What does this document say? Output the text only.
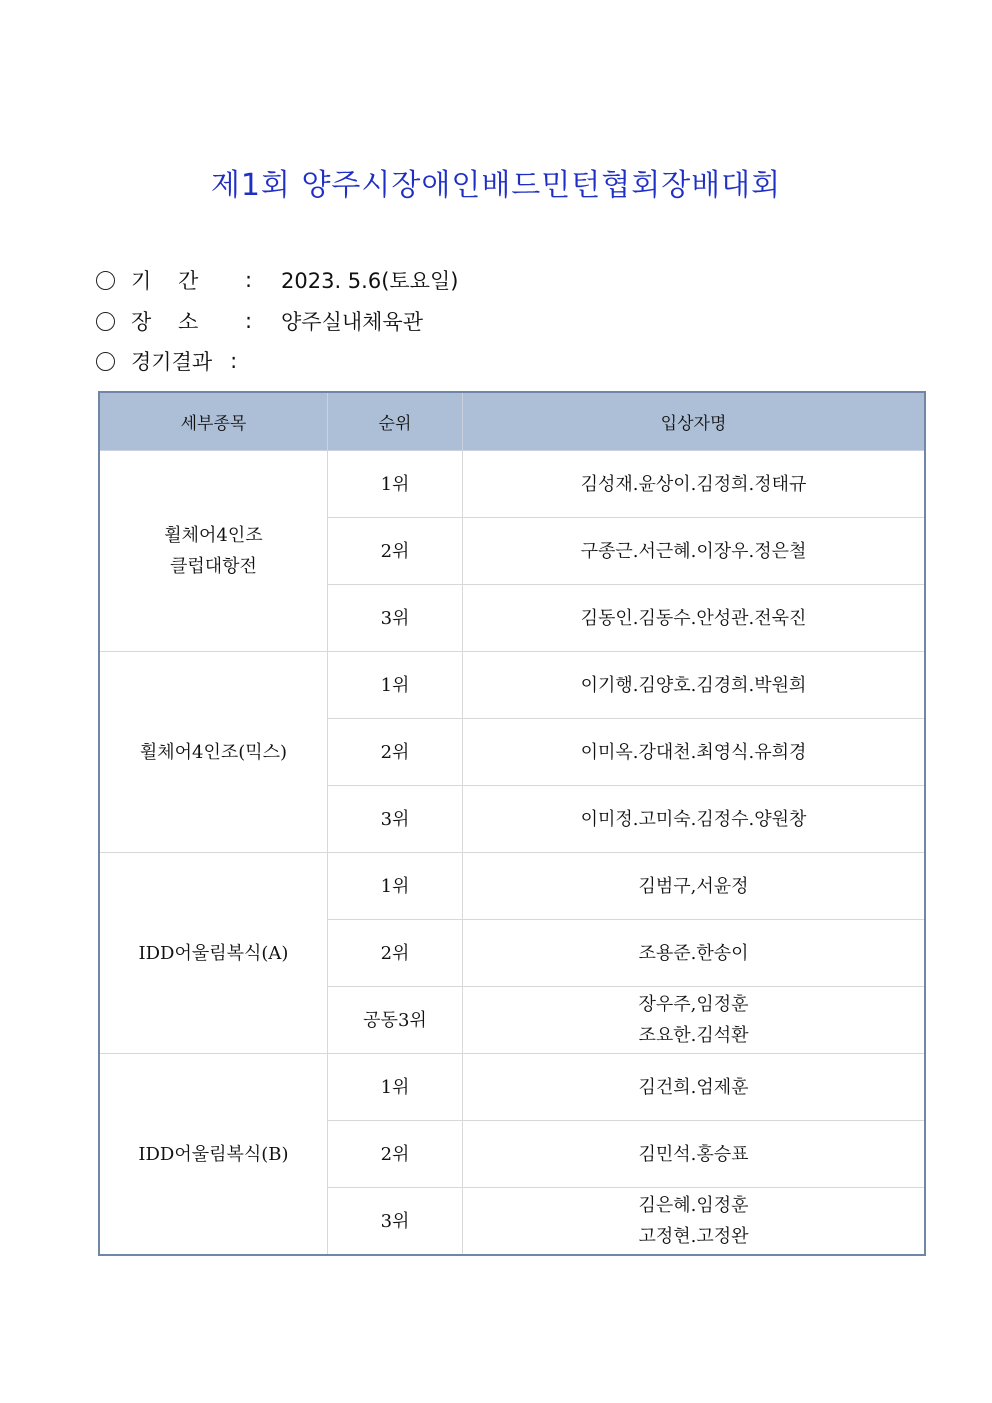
제1회 양주시장애인배드민턴협회장배대회
기    간	:	2023. 5.6(토요일)
장    소	:	양주실내체육관
경기결과 :
세부종목	순위	입상자명

휠체어4인조
클럽대항전	1위	김성재.윤상이.김정희.정태규
	2위	구종근.서근혜.이장우.정은철
	3위	김동인.김동수.안성관.전욱진
휠체어4인조(믹스)	1위	이기행.김양호.김경희.박원희
	2위	이미옥.강대천.최영식.유희경
	3위	이미정.고미숙.김정수.양원창
IDD어울림복식(A)	1위	김범구,서윤정
	2위	조용준.한송이
	공동3위	장우주,임정훈
조요한.김석환

IDD어울림복식(B)	1위	김건희.엄제훈
	2위	김민석.홍승표
	3위	김은혜.임정훈
고정현.고정완
